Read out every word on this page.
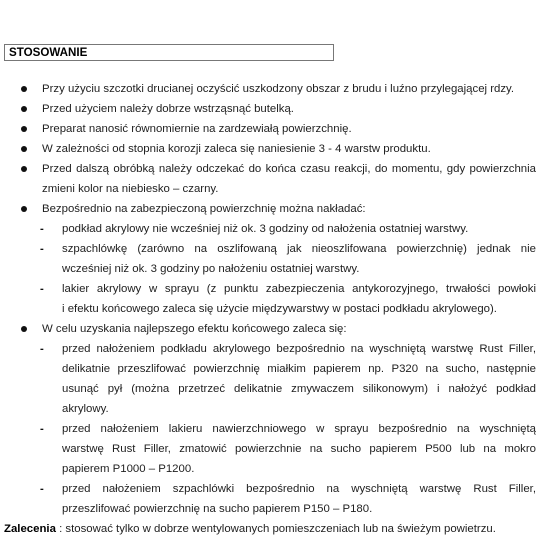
STOSOWANIE
Przy użyciu szczotki drucianej oczyścić uszkodzony obszar z brudu i luźno przylegającej rdzy.
Przed użyciem należy dobrze wstrząsnąć butelką.
Preparat nanosić równomiernie na zardzewiałą powierzchnię.
W zależności od stopnia korozji zaleca się naniesienie 3 - 4 warstw produktu.
Przed dalszą obróbką należy odczekać do końca czasu reakcji, do momentu, gdy powierzchnia
zmieni kolor na niebiesko – czarny.
Bezpośrednio na zabezpieczoną powierzchnię można nakładać:
- podkład akrylowy nie wcześniej niż ok. 3 godziny od nałożenia ostatniej warstwy.
- szpachlówkę (zarówno na oszlifowaną jak nieoszlifowana powierzchnię) jednak nie
wcześniej niż ok. 3 godziny po nałożeniu ostatniej warstwy.
- lakier akrylowy w sprayu (z punktu zabezpieczenia antykorozyjnego, trwałości powłoki
i efektu końcowego zaleca się użycie międzywarstwy w postaci podkładu akrylowego).
W celu uzyskania najlepszego efektu końcowego zaleca się:
- przed nałożeniem podkładu akrylowego bezpośrednio na wyschniętą warstwę Rust Filler,
delikatnie przeszlifować powierzchnię miałkim papierem np. P320 na sucho, następnie
usunąć pył (można przetrzeć delikatnie zmywaczem silikonowym) i nałożyć podkład
akrylowy.
- przed nałożeniem lakieru nawierzchniowego w sprayu bezpośrednio na wyschniętą
warstwę Rust Filler, zmatowić powierzchnie na sucho papierem P500 lub na mokro
papierem P1000 – P1200.
- przed nałożeniem szpachlówki bezpośrednio na wyschniętą warstwę Rust Filler,
przeszlifować powierzchnię na sucho papierem P150 – P180.
Zalecenia : stosować tylko w dobrze wentylowanych pomieszczeniach lub na świeżym powietrzu.
